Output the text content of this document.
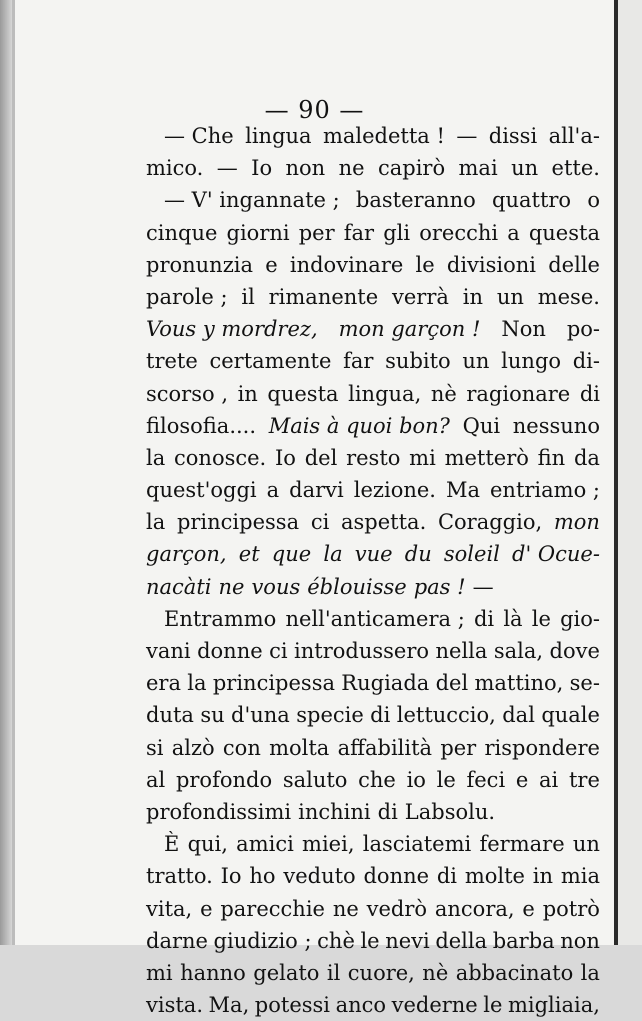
— 90 —
— Che lingua maledetta ! — dissi all'a-
mico. — Io non ne capirò mai un ette.
— V' ingannate ; basteranno quattro o
cinque giorni per far gli orecchi a questa
pronunzia e indovinare le divisioni delle
parole ; il rimanente verrà in un mese.
Vous y mordrez, mon garçon ! Non po-
trete certamente far subito un lungo di-
scorso , in questa lingua, nè ragionare di
filosofia.... Mais à quoi bon? Qui nessuno
la conosce. Io del resto mi metterò fin da
quest'oggi a darvi lezione. Ma entriamo ;
la principessa ci aspetta. Coraggio, mon
garçon, et que la vue du soleil d' Ocue-
nacàti ne vous éblouisse pas ! —
Entrammo nell'anticamera ; di là le gio-
vani donne ci introdussero nella sala, dove
era la principessa Rugiada del mattino, se-
duta su d'una specie di lettuccio, dal quale
si alzò con molta affabilità per rispondere
al profondo saluto che io le feci e ai tre
profondissimi inchini di Labsolu.
È qui, amici miei, lasciatemi fermare un
tratto. Io ho veduto donne di molte in mia
vita, e parecchie ne vedrò ancora, e potrò
darne giudizio ; chè le nevi della barba non
mi hanno gelato il cuore, nè abbacinato la
vista. Ma, potessi anco vederne le migliaia,
